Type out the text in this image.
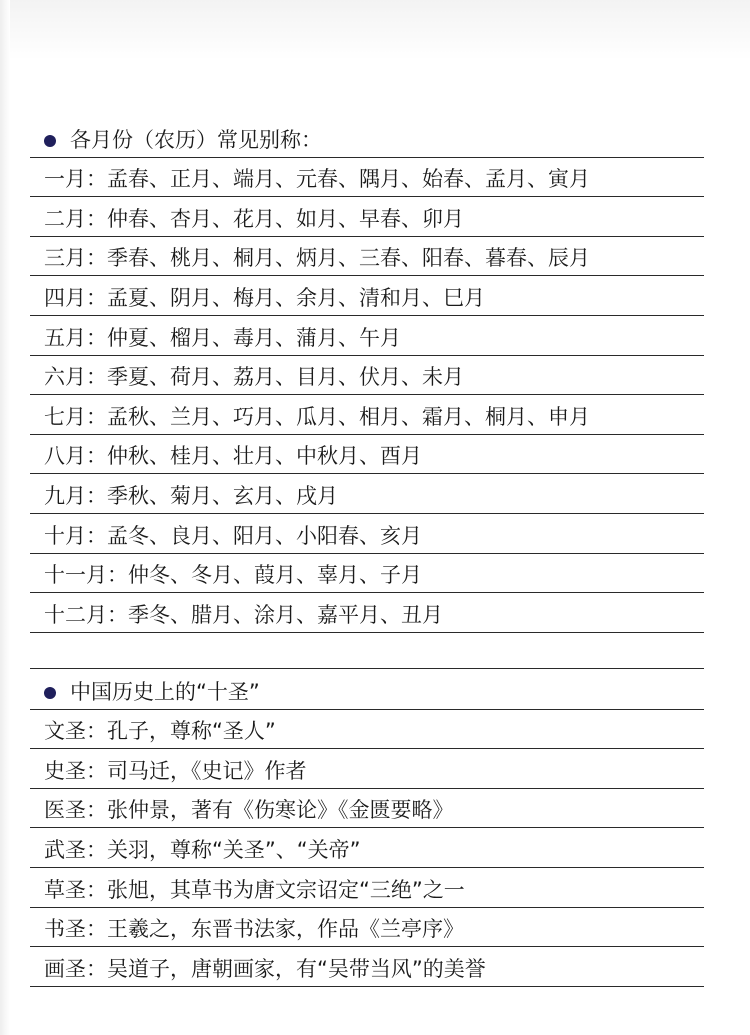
各月份（农历）常见别称：
一月：孟春、正月、端月、元春、隅月、始春、孟月、寅月
二月：仲春、杏月、花月、如月、早春、卯月
三月：季春、桃月、桐月、炳月、三春、阳春、暮春、辰月
四月：孟夏、阴月、梅月、余月、清和月、巳月
五月：仲夏、榴月、毒月、蒲月、午月
六月：季夏、荷月、荔月、目月、伏月、未月
七月：孟秋、兰月、巧月、瓜月、相月、霜月、桐月、申月
八月：仲秋、桂月、壮月、中秋月、酉月
九月：季秋、菊月、玄月、戌月
十月：孟冬、良月、阳月、小阳春、亥月
十一月：仲冬、冬月、葭月、辜月、子月
十二月：季冬、腊月、涂月、嘉平月、丑月
中国历史上的“十圣”
文圣：孔子，尊称“圣人”
史圣：司马迁，《史记》作者
医圣：张仲景，著有《伤寒论》《金匮要略》
武圣：关羽，尊称“关圣”、“关帝”
草圣：张旭，其草书为唐文宗诏定“三绝”之一
书圣：王羲之，东晋书法家，作品《兰亭序》
画圣：吴道子，唐朝画家，有“吴带当风”的美誉
